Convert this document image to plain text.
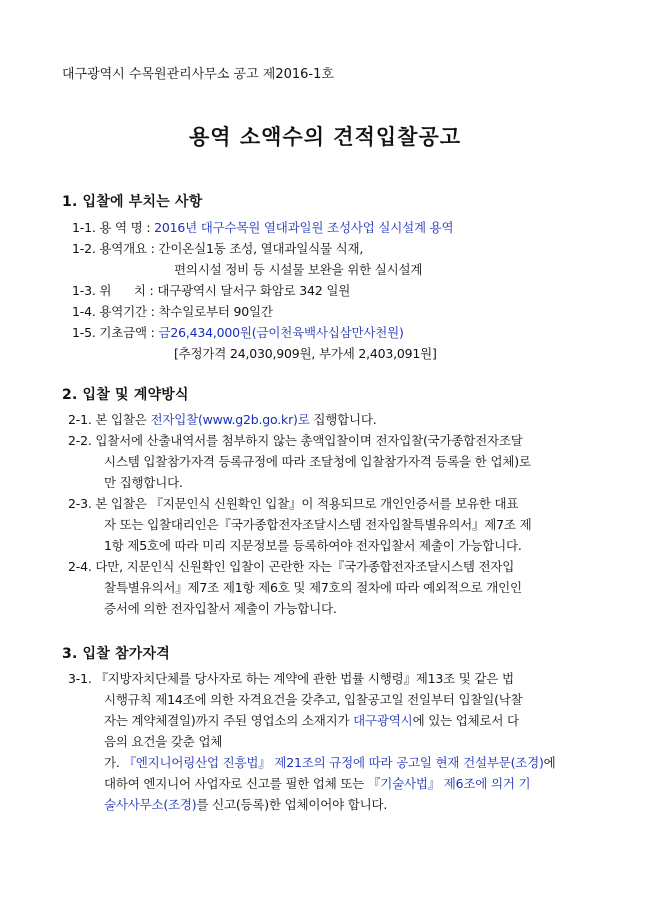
대구광역시 수목원관리사무소 공고 제2016-1호
용역 소액수의 견적입찰공고
1. 입찰에 부치는 사항
1-1. 용 역 명 : 2016년 대구수목원 열대과일원 조성사업 실시설계 용역
1-2. 용역개요 : 간이온실1동 조성, 열대과일식물 식재,
편의시설 정비 등 시설물 보완을 위한 실시설계
1-3. 위      치 : 대구광역시 달서구 화암로 342 일원
1-4. 용역기간 : 착수일로부터 90일간
1-5. 기초금액 : 금26,434,000원(금이천육백사십삼만사천원)
[추정가격 24,030,909원, 부가세 2,403,091원]
2. 입찰 및 계약방식
2-1. 본 입찰은 전자입찰(www.g2b.go.kr)로 집행합니다.
2-2. 입찰서에 산출내역서를 첨부하지 않는 총액입찰이며 전자입찰(국가종합전자조달
시스템 입찰참가자격 등록규정에 따라 조달청에 입찰참가자격 등록을 한 업체)로
만 집행합니다.
2-3. 본 입찰은 『지문인식 신원확인 입찰』이 적용되므로 개인인증서를 보유한 대표
자 또는 입찰대리인은『국가종합전자조달시스템 전자입찰특별유의서』제7조 제
1항 제5호에 따라 미리 지문정보를 등록하여야 전자입찰서 제출이 가능합니다.
2-4. 다만, 지문인식 신원확인 입찰이 곤란한 자는『국가종합전자조달시스템 전자입
찰특별유의서』제7조 제1항 제6호 및 제7호의 절차에 따라 예외적으로 개인인
증서에 의한 전자입찰서 제출이 가능합니다.
3. 입찰 참가자격
3-1. 『지방자치단체를 당사자로 하는 계약에 관한 법률 시행령』제13조 및 같은 법
시행규칙 제14조에 의한 자격요건을 갖추고, 입찰공고일 전일부터 입찰일(낙찰
자는 계약체결일)까지 주된 영업소의 소재지가 대구광역시에 있는 업체로서 다
음의 요건을 갖춘 업체
가. 『엔지니어링산업 진흥법』 제21조의 규정에 따라 공고일 현재 건설부문(조경)에
대하여 엔지니어 사업자로 신고를 필한 업체 또는 『기술사법』 제6조에 의거 기
술사사무소(조경)를 신고(등록)한 업체이어야 합니다.
